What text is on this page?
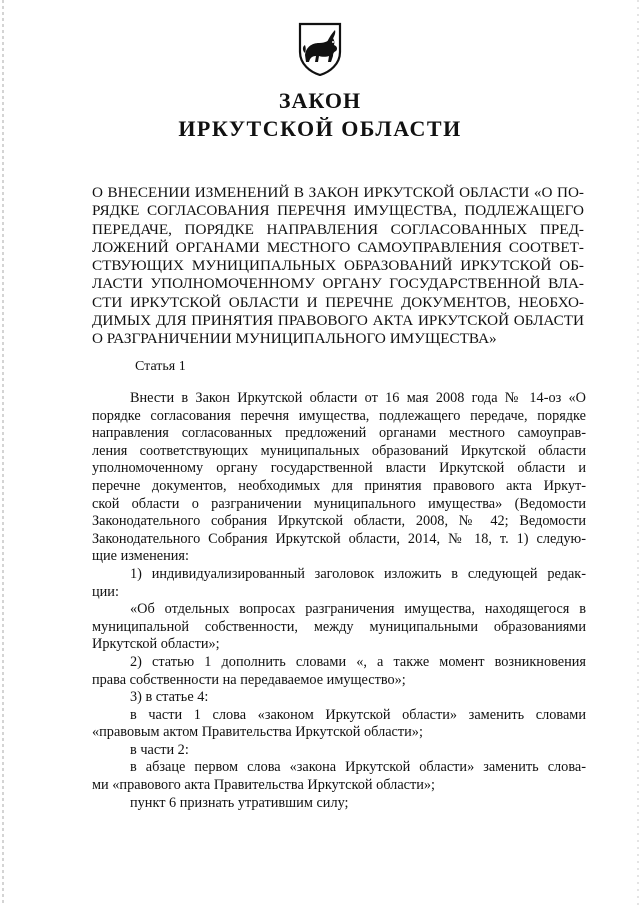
ЗАКОН
ИРКУТСКОЙ ОБЛАСТИ
О ВНЕСЕНИИ ИЗМЕНЕНИЙ В ЗАКОН ИРКУТСКОЙ ОБЛАСТИ «О ПО-
РЯДКЕ СОГЛАСОВАНИЯ ПЕРЕЧНЯ ИМУЩЕСТВА, ПОДЛЕЖАЩЕГО
ПЕРЕДАЧЕ, ПОРЯДКЕ НАПРАВЛЕНИЯ СОГЛАСОВАННЫХ ПРЕД-
ЛОЖЕНИЙ ОРГАНАМИ МЕСТНОГО САМОУПРАВЛЕНИЯ СООТВЕТ-
СТВУЮЩИХ МУНИЦИПАЛЬНЫХ ОБРАЗОВАНИЙ ИРКУТСКОЙ ОБ-
ЛАСТИ УПОЛНОМОЧЕННОМУ ОРГАНУ ГОСУДАРСТВЕННОЙ ВЛА-
СТИ ИРКУТСКОЙ ОБЛАСТИ И ПЕРЕЧНЕ ДОКУМЕНТОВ, НЕОБХО-
ДИМЫХ ДЛЯ ПРИНЯТИЯ ПРАВОВОГО АКТА ИРКУТСКОЙ ОБЛАСТИ
О РАЗГРАНИЧЕНИИ МУНИЦИПАЛЬНОГО ИМУЩЕСТВА»
Статья 1
Внести в Закон Иркутской области от 16 мая 2008 года № 14-оз «О
порядке согласования перечня имущества, подлежащего передаче, порядке
направления согласованных предложений органами местного самоуправ-
ления соответствующих муниципальных образований Иркутской области
уполномоченному органу государственной власти Иркутской области и
перечне документов, необходимых для принятия правового акта Иркут-
ской области о разграничении муниципального имущества» (Ведомости
Законодательного собрания Иркутской области, 2008, № 42; Ведомости
Законодательного Собрания Иркутской области, 2014, № 18, т. 1) следую-
щие изменения:
1) индивидуализированный заголовок изложить в следующей редак-
ции:
«Об отдельных вопросах разграничения имущества, находящегося в
муниципальной собственности, между муниципальными образованиями
Иркутской области»;
2) статью 1 дополнить словами «, а также момент возникновения
права собственности на передаваемое имущество»;
3) в статье 4:
в части 1 слова «законом Иркутской области» заменить словами
«правовым актом Правительства Иркутской области»;
в части 2:
в абзаце первом слова «закона Иркутской области» заменить слова-
ми «правового акта Правительства Иркутской области»;
пункт 6 признать утратившим силу;
